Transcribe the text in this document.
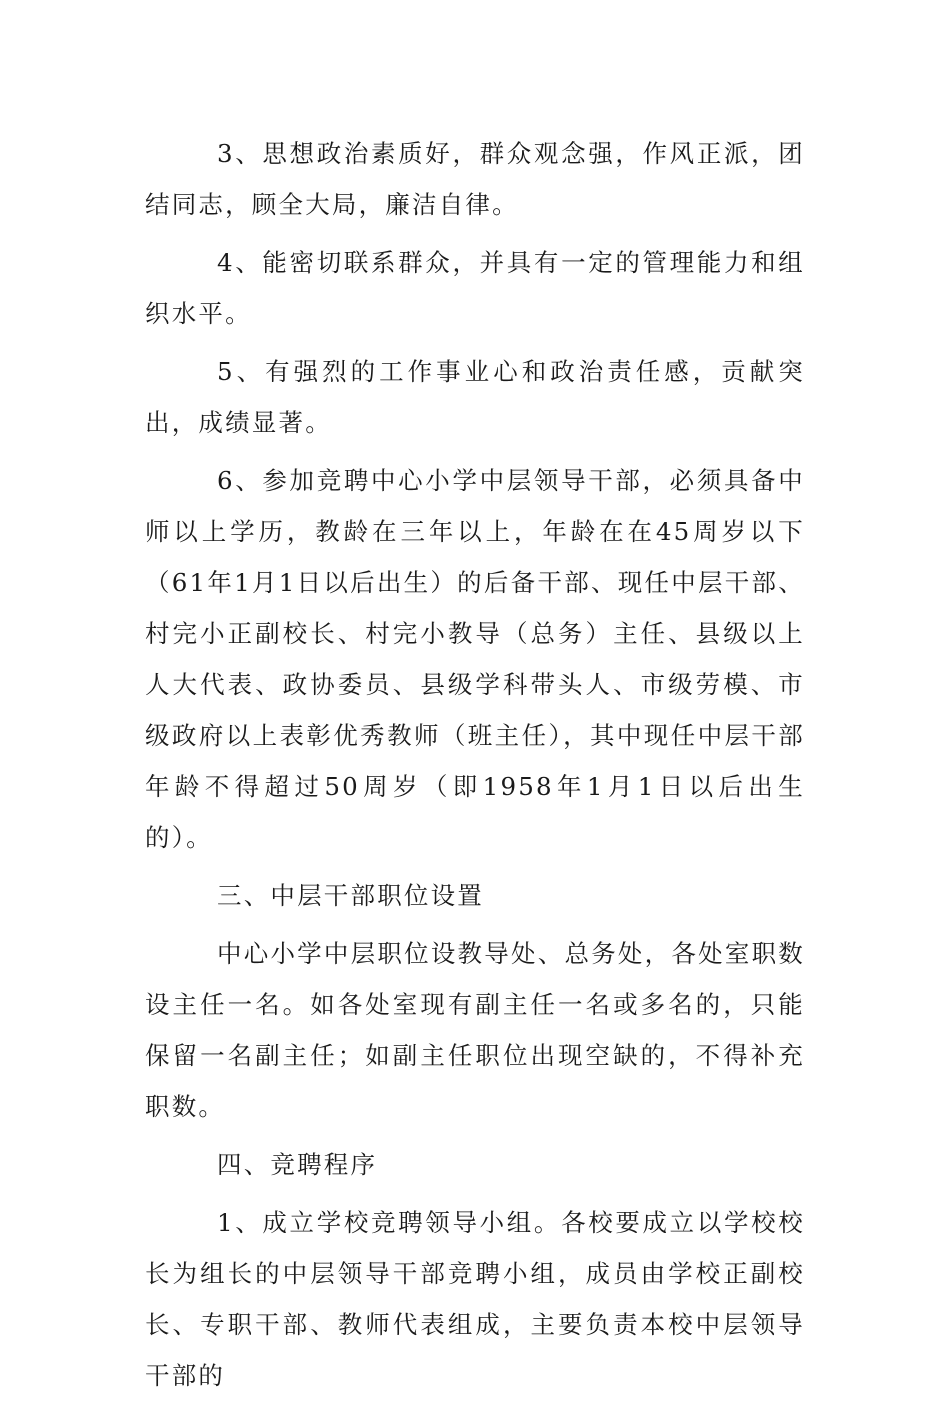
3、思想政治素质好，群众观念强，作风正派，团结同志，顾全大局，廉洁自律。

4、能密切联系群众，并具有一定的管理能力和组织水平。

5、有强烈的工作事业心和政治责任感，贡献突出，成绩显著。

6、参加竞聘中心小学中层领导干部，必须具备中师以上学历，教龄在三年以上，年龄在在45周岁以下（61年1月1日以后出生）的后备干部、现任中层干部、村完小正副校长、村完小教导（总务）主任、县级以上人大代表、政协委员、县级学科带头人、市级劳模、市级政府以上表彰优秀教师（班主任），其中现任中层干部年龄不得超过50周岁（即1958年1月1日以后出生的）。

三、中层干部职位设置

中心小学中层职位设教导处、总务处，各处室职数设主任一名。如各处室现有副主任一名或多名的，只能保留一名副主任；如副主任职位出现空缺的，不得补充职数。

四、竞聘程序

1、成立学校竞聘领导小组。各校要成立以学校校长为组长的中层领导干部竞聘小组，成员由学校正副校长、专职干部、教师代表组成，主要负责本校中层领导干部的
